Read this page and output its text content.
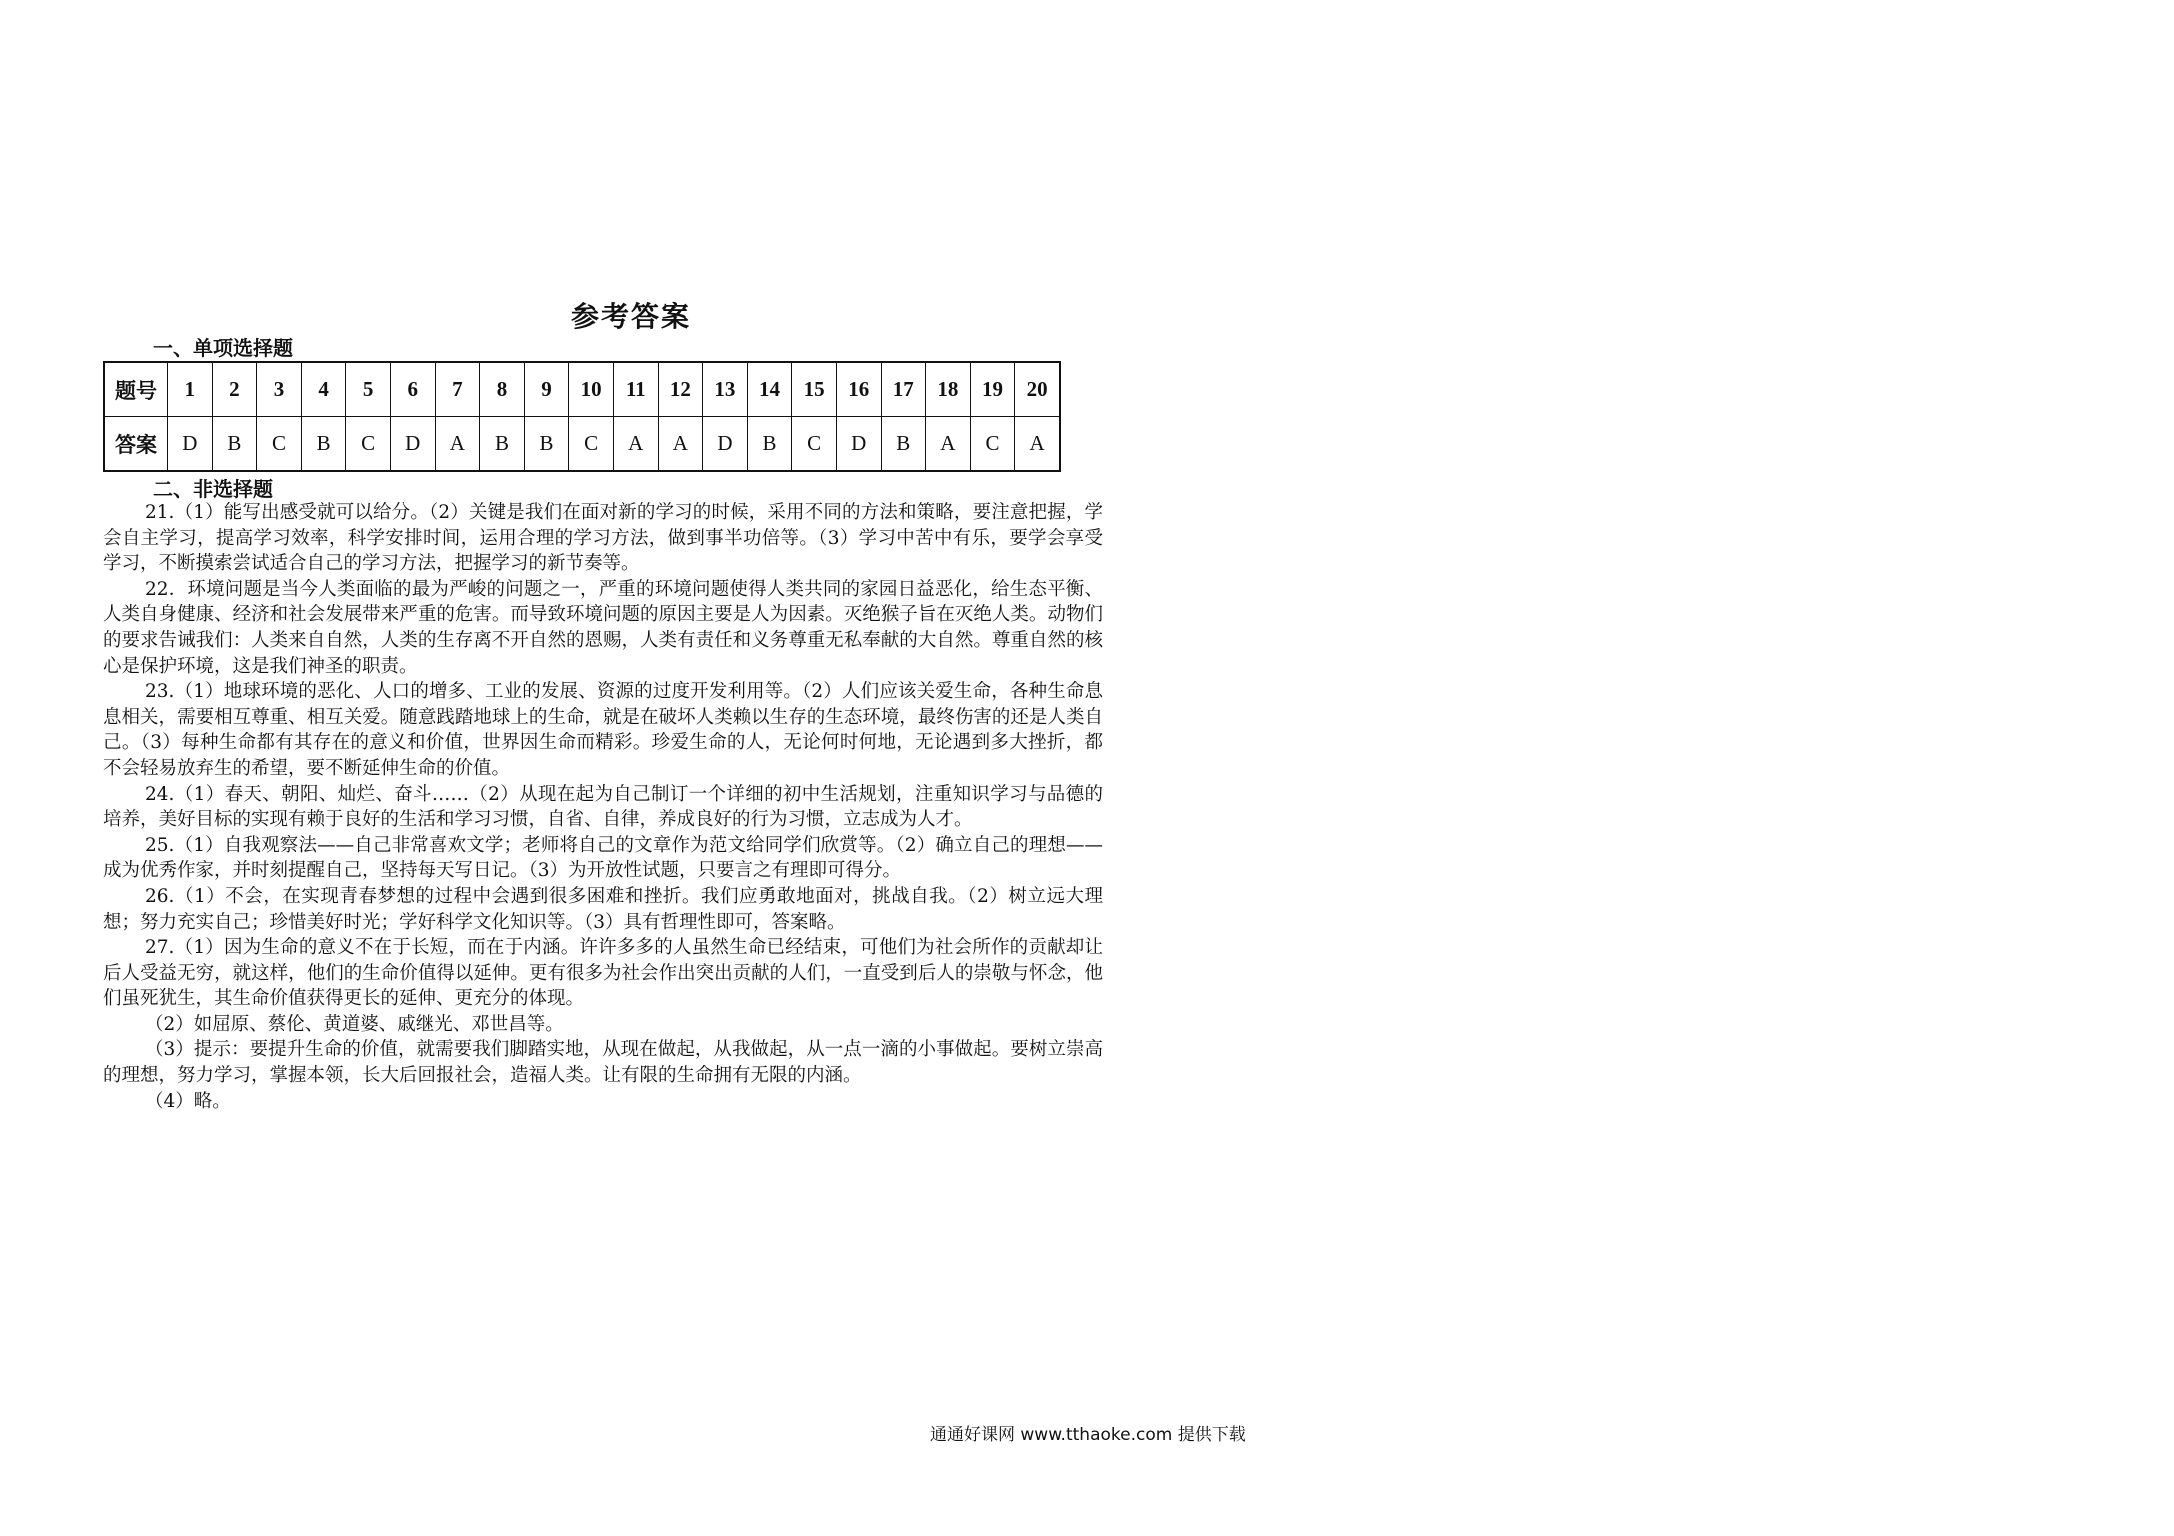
参考答案
一、单项选择题
题号	1	2	3	4	5	6	7	8	9	10	11	12	13	14	15	16	17	18	19	20
答案	D	B	C	B	C	D	A	B	B	C	A	A	D	B	C	D	B	A	C	A
二、非选择题

21.（1）能写出感受就可以给分。（2）关键是我们在面对新的学习的时候，采用不同的方法和策略，要注意把握，学会自主学习，提高学习效率，科学安排时间，运用合理的学习方法，做到事半功倍等。（3）学习中苦中有乐，要学会享受学习，不断摸索尝试适合自己的学习方法，把握学习的新节奏等。

22．环境问题是当今人类面临的最为严峻的问题之一，严重的环境问题使得人类共同的家园日益恶化，给生态平衡、人类自身健康、经济和社会发展带来严重的危害。而导致环境问题的原因主要是人为因素。灭绝猴子旨在灭绝人类。动物们的要求告诫我们：人类来自自然，人类的生存离不开自然的恩赐，人类有责任和义务尊重无私奉献的大自然。尊重自然的核心是保护环境，这是我们神圣的职责。

23.（1）地球环境的恶化、人口的增多、工业的发展、资源的过度开发利用等。（2）人们应该关爱生命，各种生命息息相关，需要相互尊重、相互关爱。随意践踏地球上的生命，就是在破坏人类赖以生存的生态环境，最终伤害的还是人类自己。（3）每种生命都有其存在的意义和价值，世界因生命而精彩。珍爱生命的人，无论何时何地，无论遇到多大挫折，都不会轻易放弃生的希望，要不断延伸生命的价值。

24.（1）春天、朝阳、灿烂、奋斗……（2）从现在起为自己制订一个详细的初中生活规划，注重知识学习与品德的培养，美好目标的实现有赖于良好的生活和学习习惯，自省、自律，养成良好的行为习惯，立志成为人才。

25.（1）自我观察法——自己非常喜欢文学；老师将自己的文章作为范文给同学们欣赏等。（2）确立自己的理想——成为优秀作家，并时刻提醒自己，坚持每天写日记。（3）为开放性试题，只要言之有理即可得分。

26.（1）不会，在实现青春梦想的过程中会遇到很多困难和挫折。我们应勇敢地面对，挑战自我。（2）树立远大理想；努力充实自己；珍惜美好时光；学好科学文化知识等。（3）具有哲理性即可，答案略。

27.（1）因为生命的意义不在于长短，而在于内涵。许许多多的人虽然生命已经结束，可他们为社会所作的贡献却让后人受益无穷，就这样，他们的生命价值得以延伸。更有很多为社会作出突出贡献的人们，一直受到后人的崇敬与怀念，他们虽死犹生，其生命价值获得更长的延伸、更充分的体现。

（2）如屈原、蔡伦、黄道婆、戚继光、邓世昌等。

（3）提示：要提升生命的价值，就需要我们脚踏实地，从现在做起，从我做起，从一点一滴的小事做起。要树立崇高的理想，努力学习，掌握本领，长大后回报社会，造福人类。让有限的生命拥有无限的内涵。

（4）略。

通通好课网 www.tthaoke.com 提供下载
